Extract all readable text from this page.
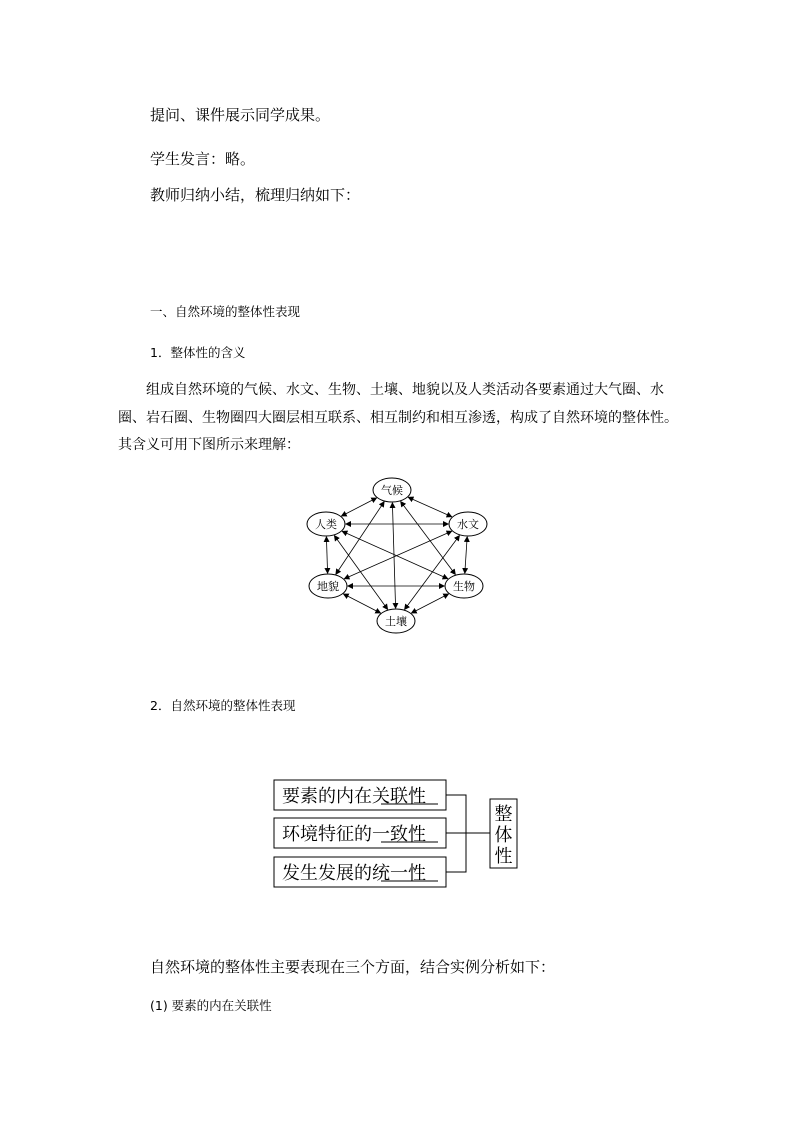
提问、课件展示同学成果。

学生发言：略。

教师归纳小结，梳理归纳如下：

一、自然环境的整体性表现

1．整体性的含义

组成自然环境的气候、水文、生物、土壤、地貌以及人类活动各要素通过大气圈、水圈、岩石圈、生物圈四大圈层相互联系、相互制约和相互渗透，构成了自然环境的整体性。其含义可用下图所示来理解：

气候
水文
生物
土壤
地貌
人类

2．自然环境的整体性表现

要素的内在关联性
环境特征的一致性
发生发展的统一性
整
体
性

自然环境的整体性主要表现在三个方面，结合实例分析如下：

(1) 要素的内在关联性
